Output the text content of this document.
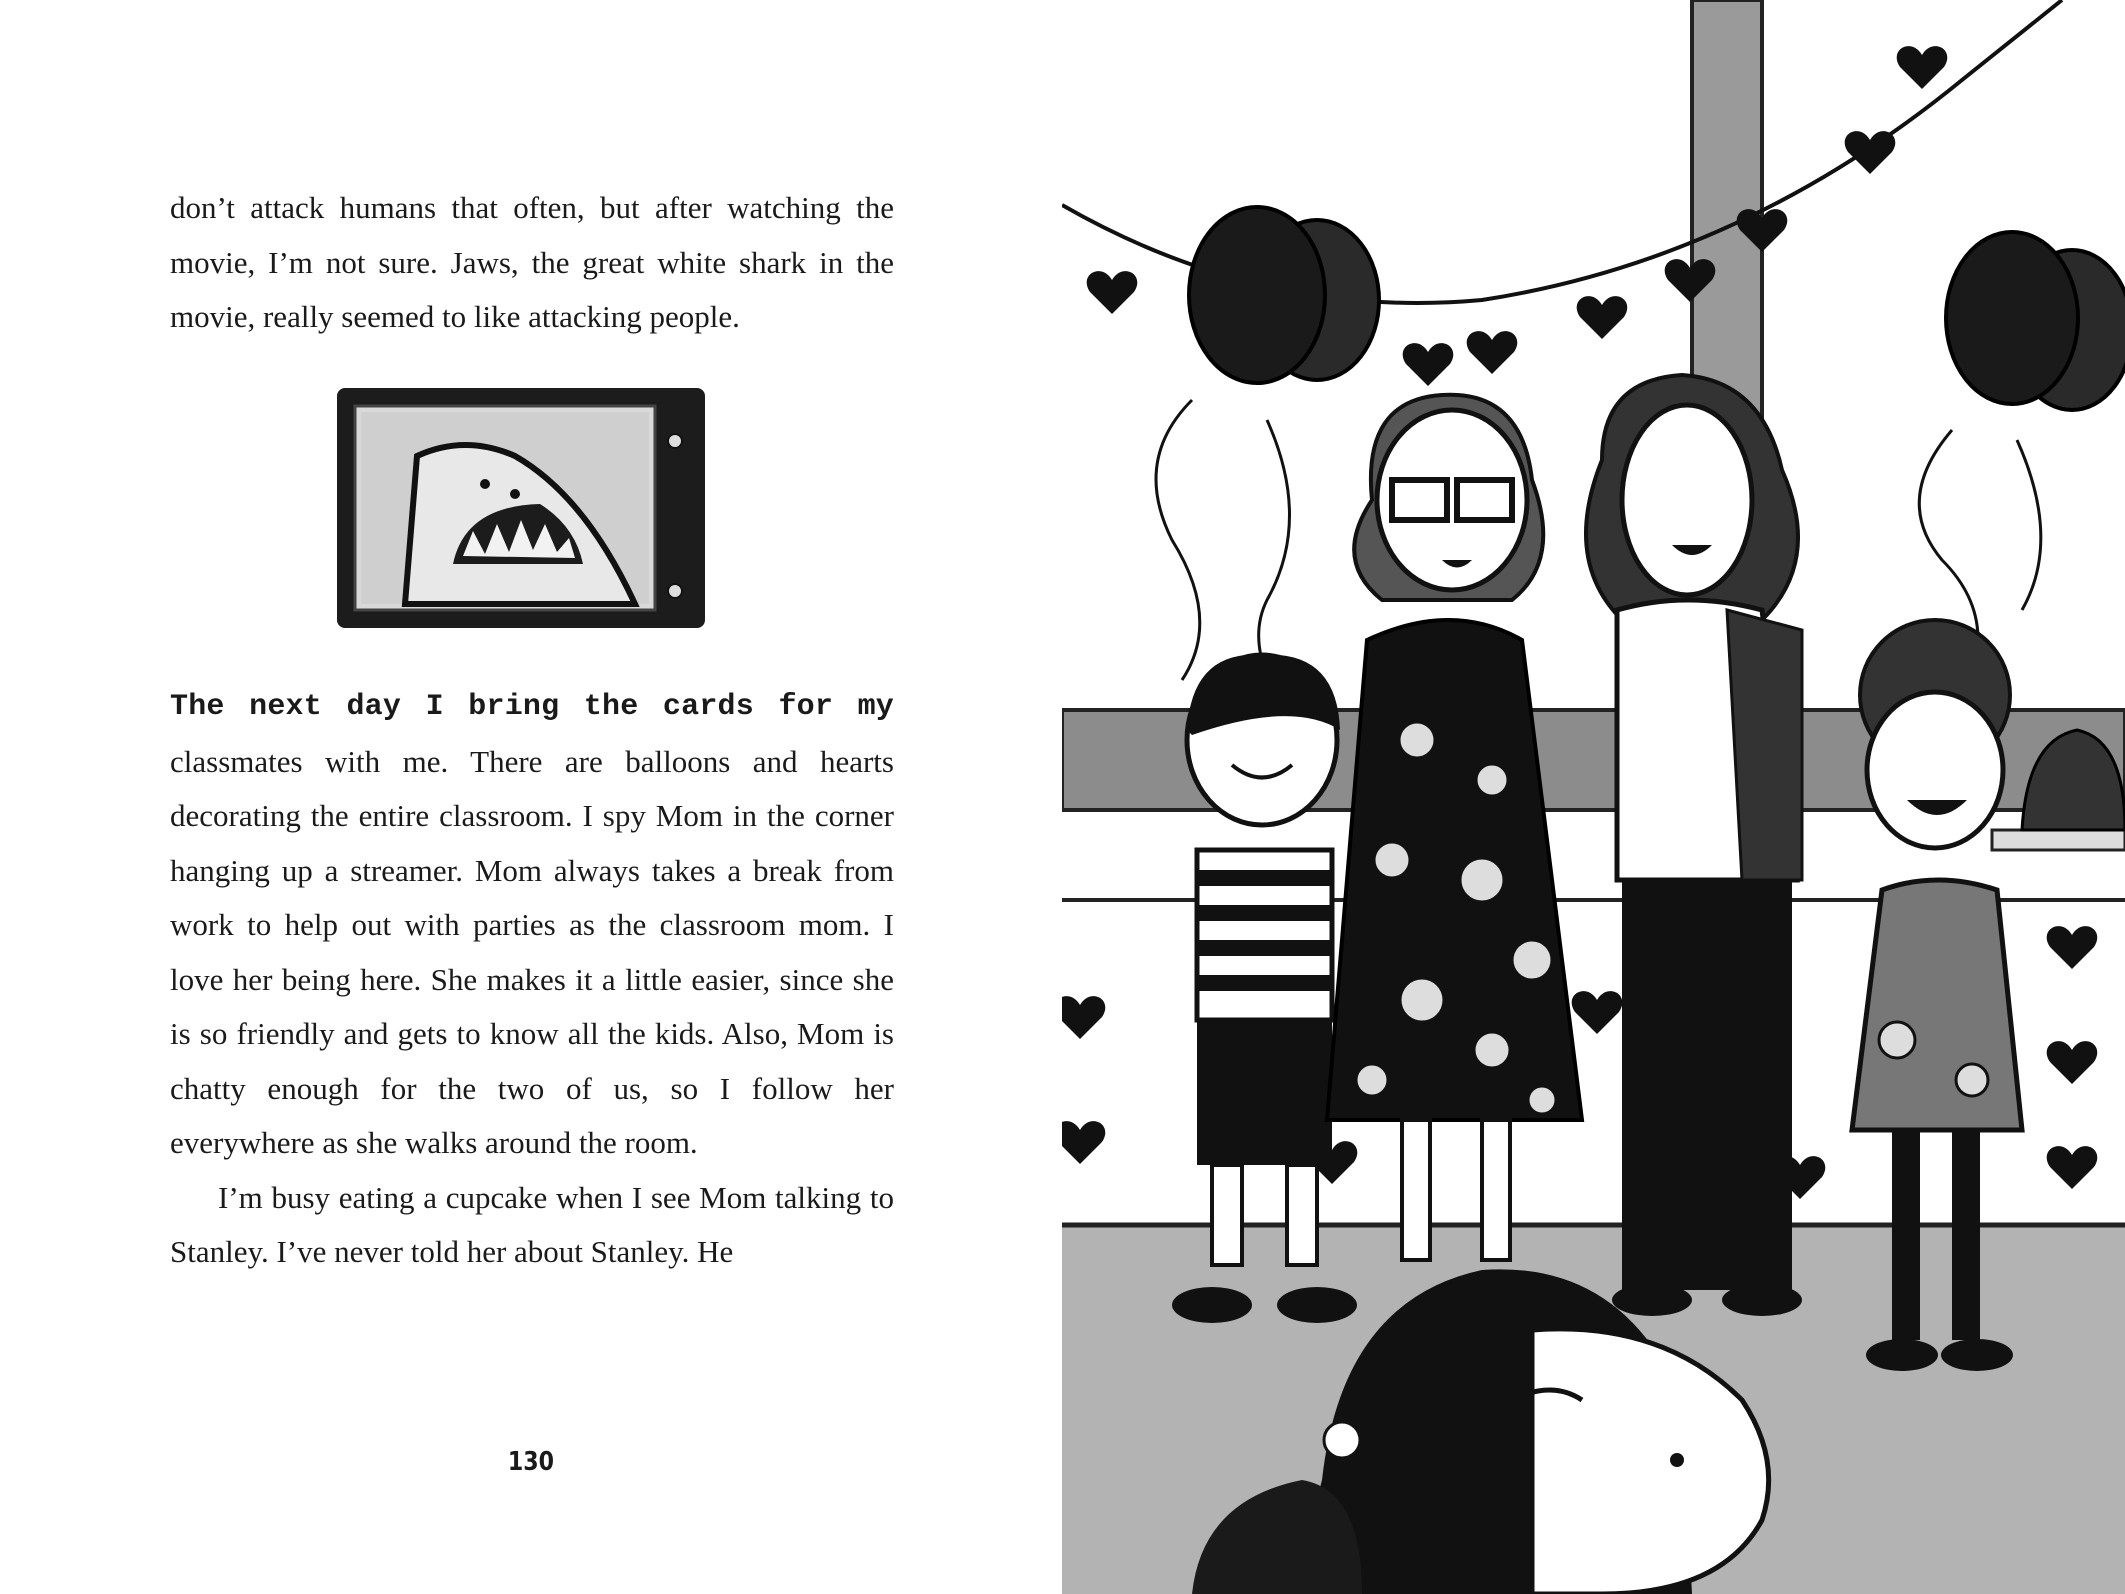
don’t attack humans that often, but after watching the movie, I’m not sure. Jaws, the great white shark in the movie, really seemed to like attacking people.

The next day I bring the cards for my classmates with me. There are balloons and hearts decorating the entire classroom. I spy Mom in the corner hanging up a streamer. Mom always takes a break from work to help out with parties as the classroom mom. I love her being here. She makes it a little easier, since she is so friendly and gets to know all the kids. Also, Mom is chatty enough for the two of us, so I follow her everywhere as she walks around the room.

I’m busy eating a cupcake when I see Mom talking to Stanley. I’ve never told her about Stanley. He

130
